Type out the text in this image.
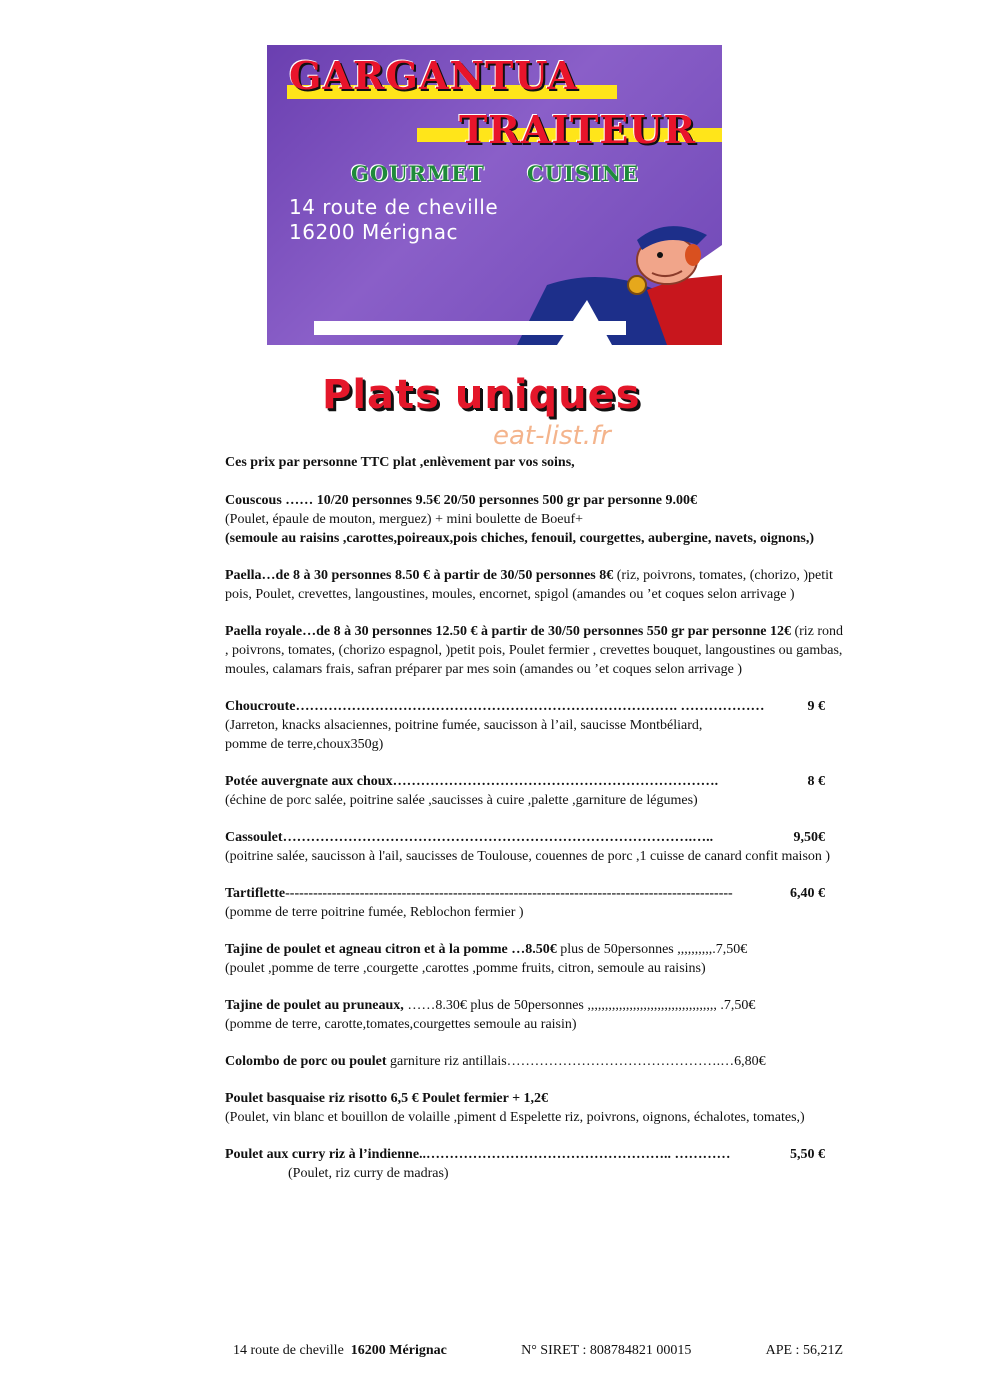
GARGANTUA
TRAITEUR
GOURMET CUISINE
14 route de cheville
16200 Mérignac
Plats uniques
eat-list.fr

Ces prix par personne TTC plat ,enlèvement par vos soins,

Couscous …… 10/20 personnes 9.5€ 20/50 personnes 500 gr par personne 9.00€

(Poulet, épaule de mouton, merguez) + mini boulette de Boeuf+

(semoule au raisins ,carottes,poireaux,pois chiches, fenouil, courgettes, aubergine, navets, oignons,)

Paella…de 8 à 30 personnes 8.50 € à partir de 30/50 personnes 8€ (riz, poivrons, tomates, (chorizo, )petit pois, Poulet, crevettes, langoustines, moules, encornet, spigol (amandes ou ’et coques selon arrivage )

Paella royale…de 8 à 30 personnes 12.50 € à partir de 30/50 personnes 550 gr par personne 12€ (riz rond , poivrons, tomates, (chorizo espagnol, )petit pois, Poulet fermier , crevettes bouquet, langoustines ou gambas, moules, calamars frais, safran préparer par mes soin (amandes ou ’et coques selon arrivage )

Choucroute ………………………………………………………………………. ………………	9 €

(Jarreton, knacks alsaciennes, poitrine fumée, saucisson à l’ail, saucisse Montbéliard,

pomme de terre,choux350g)

Potée auvergnate aux choux …………………………………………………………….	8 €

(échine de porc salée, poitrine salée ,saucisses à cuire ,palette ,garniture de légumes)

Cassoulet …………………………………………………………………………….…..	9,50€

(poitrine salée, saucisson à l'ail, saucisses de Toulouse, couennes de porc ,1 cuisse de canard confit maison )

Tartiflette ------------------------------------------------------------------------------------------------	6,40 €

(pomme de terre poitrine fumée, Reblochon fermier )

Tajine de poulet et agneau citron et à la pomme …8.50€ plus de 50personnes ,,,,,,,,,,.7,50€

(poulet ,pomme de terre ,courgette ,carottes ,pomme fruits, citron, semoule au raisins)

Tajine de poulet au pruneaux, ……8.30€ plus de 50personnes ,,,,,,,,,,,,,,,,,,,,,,,,,,,,,,,,,,,,, .7,50€

(pomme de terre, carotte,tomates,courgettes semoule au raisin)

Colombo de porc ou poulet garniture riz antillais……………………………………….…6,80€

Poulet basquaise riz risotto 6,5 € Poulet fermier + 1,2€

(Poulet, vin blanc et bouillon de volaille ,piment d Espelette riz, poivrons, oignons, échalotes, tomates,)

Poulet aux curry riz à l’indienne.. …………………………………………….. …………	5,50 €

(Poulet, riz curry de madras)

14 route de cheville 16200 Mérignac	N° SIRET : 808784821 00015	APE : 56,21Z
